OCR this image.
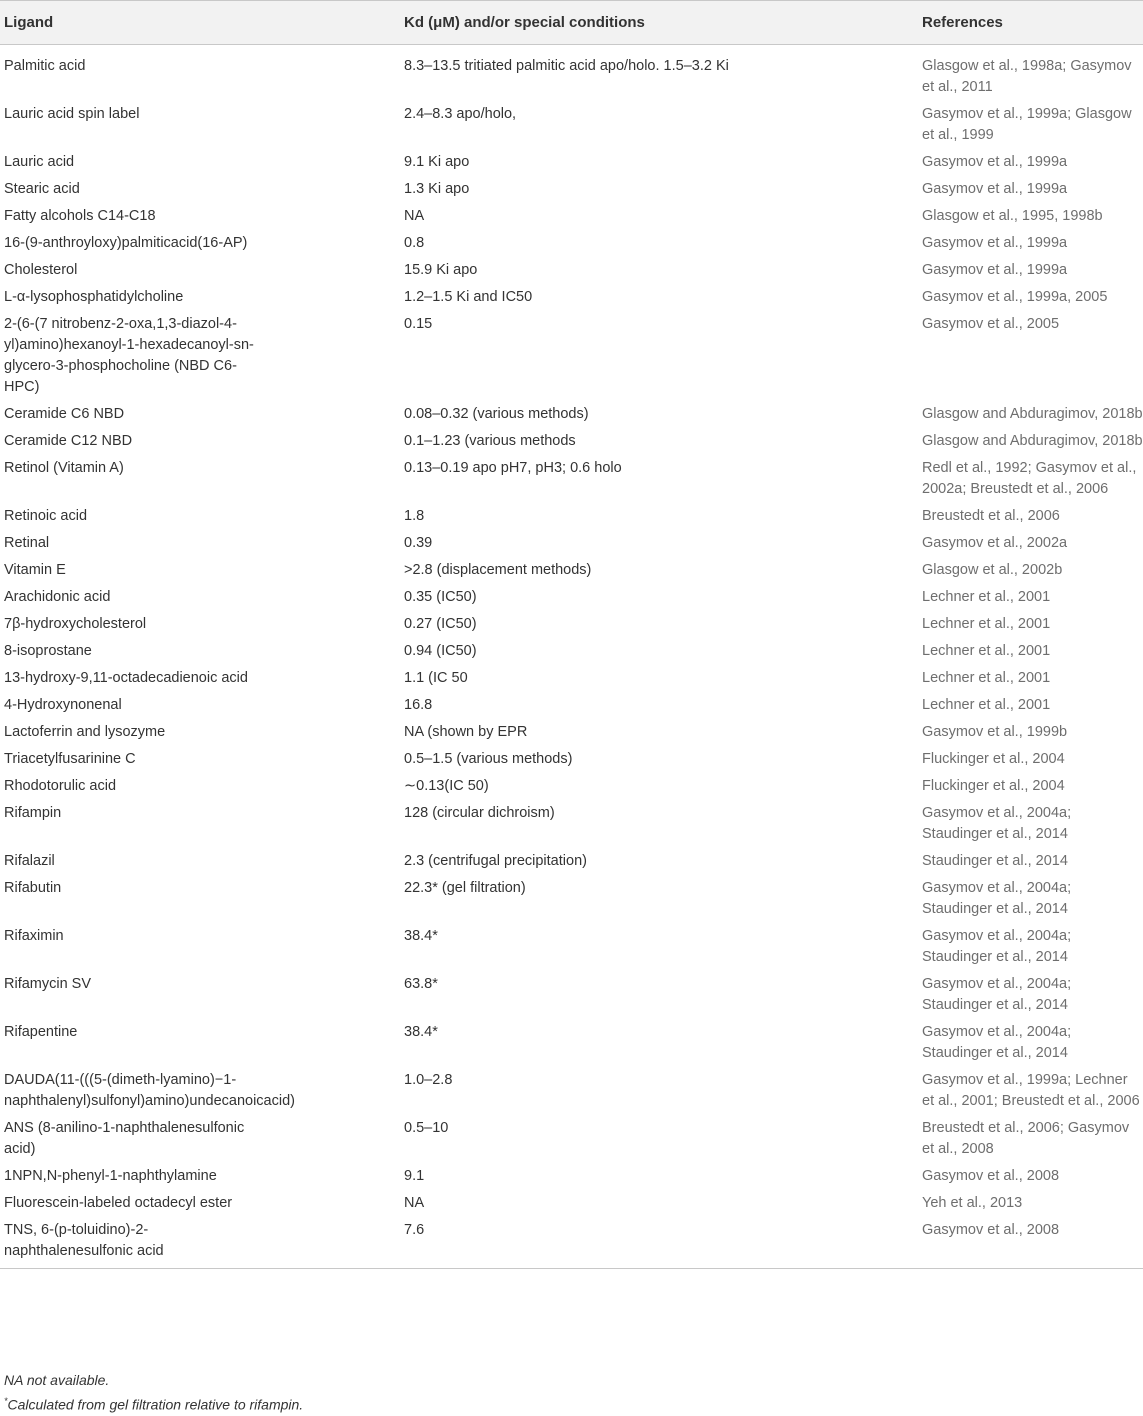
Ligand	Kd (μM) and/or special conditions	References
Palmitic acid	8.3–13.5 tritiated palmitic acid apo/holo. 1.5–3.2 Ki	Glasgow et al., 1998a; Gasymov et al., 2011
Lauric acid spin label	2.4–8.3 apo/holo,	Gasymov et al., 1999a; Glasgow et al., 1999
Lauric acid	9.1 Ki apo	Gasymov et al., 1999a
Stearic acid	1.3 Ki apo	Gasymov et al., 1999a
Fatty alcohols C14-C18	NA	Glasgow et al., 1995, 1998b
16-(9-anthroyloxy)palmiticacid(16-AP)	0.8	Gasymov et al., 1999a
Cholesterol	15.9 Ki apo	Gasymov et al., 1999a
L-α-lysophosphatidylcholine	1.2–1.5 Ki and IC50	Gasymov et al., 1999a, 2005
2-(6-(7 nitrobenz-2-oxa,1,3-diazol-4-yl)amino)hexanoyl-1-hexadecanoyl-sn-glycero-3-phosphocholine (NBD C6-HPC)	0.15	Gasymov et al., 2005
Ceramide C6 NBD	0.08–0.32 (various methods)	Glasgow and Abduragimov, 2018b
Ceramide C12 NBD	0.1–1.23 (various methods	Glasgow and Abduragimov, 2018b
Retinol (Vitamin A)	0.13–0.19 apo pH7, pH3; 0.6 holo	Redl et al., 1992; Gasymov et al., 2002a; Breustedt et al., 2006
Retinoic acid	1.8	Breustedt et al., 2006
Retinal	0.39	Gasymov et al., 2002a
Vitamin E	>2.8 (displacement methods)	Glasgow et al., 2002b
Arachidonic acid	0.35 (IC50)	Lechner et al., 2001
7β-hydroxycholesterol	0.27 (IC50)	Lechner et al., 2001
8-isoprostane	0.94 (IC50)	Lechner et al., 2001
13-hydroxy-9,11-octadecadienoic acid	1.1 (IC 50	Lechner et al., 2001
4-Hydroxynonenal	16.8	Lechner et al., 2001
Lactoferrin and lysozyme	NA (shown by EPR	Gasymov et al., 1999b
Triacetylfusarinine C	0.5–1.5 (various methods)	Fluckinger et al., 2004
Rhodotorulic acid	∼0.13(IC 50)	Fluckinger et al., 2004
Rifampin	128 (circular dichroism)	Gasymov et al., 2004a; Staudinger et al., 2014
Rifalazil	2.3 (centrifugal precipitation)	Staudinger et al., 2014
Rifabutin	22.3* (gel filtration)	Gasymov et al., 2004a; Staudinger et al., 2014
Rifaximin	38.4*	Gasymov et al., 2004a; Staudinger et al., 2014
Rifamycin SV	63.8*	Gasymov et al., 2004a; Staudinger et al., 2014
Rifapentine	38.4*	Gasymov et al., 2004a; Staudinger et al., 2014
DAUDA(11-(((5-(dimeth-lyamino)−1-naphthalenyl)sulfonyl)amino)undecanoicacid)	1.0–2.8	Gasymov et al., 1999a; Lechner et al., 2001; Breustedt et al., 2006
ANS (8-anilino-1-naphthalenesulfonic acid)	0.5–10	Breustedt et al., 2006; Gasymov et al., 2008
1NPN,N-phenyl-1-naphthylamine	9.1	Gasymov et al., 2008
Fluorescein-labeled octadecyl ester	NA	Yeh et al., 2013
TNS, 6-(p-toluidino)-2-naphthalenesulfonic acid	7.6	Gasymov et al., 2008
NA not available.
*Calculated from gel filtration relative to rifampin.
